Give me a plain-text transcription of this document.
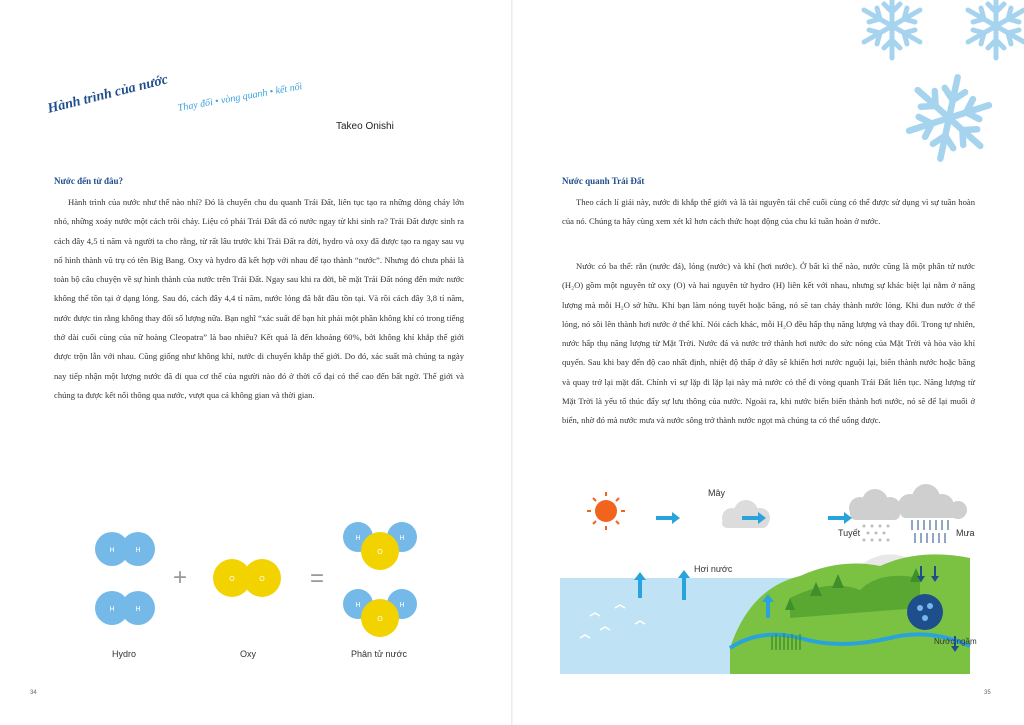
Hành trình của nước Thay đổi • vòng quanh • kết nối
Takeo Onishi
Nước đến từ đâu?

Hành trình của nước như thế nào nhỉ? Đó là chuyến chu du quanh Trái Đất, liên tục tạo ra những dòng chảy lớn nhỏ, những xoáy nước một cách trôi chảy. Liệu có phải Trái Đất đã có nước ngay từ khi sinh ra? Trái Đất được sinh ra cách đây 4,5 tỉ năm và người ta cho rằng, từ rất lâu trước khi Trái Đất ra đời, hydro và oxy đã được tạo ra ngay sau vụ nổ hình thành vũ trụ có tên Big Bang. Oxy và hydro đã kết hợp với nhau để tạo thành “nước”. Nhưng đó chưa phải là toàn bộ câu chuyện về sự hình thành của nước trên Trái Đất. Ngay sau khi ra đời, bề mặt Trái Đất nóng đến mức nước không thể tồn tại ở dạng lỏng. Sau đó, cách đây 4,4 tỉ năm, nước lỏng đã bắt đầu tồn tại. Và rồi cách đây 3,8 tỉ năm, nước được tin rằng không thay đổi số lượng nữa. Bạn nghĩ “xác suất để bạn hít phải một phần không khí có trong tiếng thở dài cuối cùng của nữ hoàng Cleopatra” là bao nhiêu? Kết quả là đến khoảng 60%, bởi không khí khắp thế giới được trộn lẫn với nhau. Cũng giống như không khí, nước di chuyển khắp thế giới. Do đó, xác suất mà chúng ta ngày nay tiếp nhận một lượng nước đã đi qua cơ thể của người nào đó ở thời cổ đại có thể cao đến bất ngờ. Thế giới và chúng ta được kết nối thông qua nước, vượt qua cả không gian và thời gian.

H	H
H	H
+	O	O =
H	H
O
H	H
O
Hydro	Oxy	Phân tử nước
34
Nước quanh Trái Đất

Theo cách lí giải này, nước đi khắp thế giới và là tài nguyên tái chế cuối cùng có thể được sử dụng vì sự tuần hoàn của nó. Chúng ta hãy cùng xem xét kĩ hơn cách thức hoạt động của chu kì tuần hoàn ở nước.

Nước có ba thể: rắn (nước đá), lỏng (nước) và khí (hơi nước). Ở bất kì thể nào, nước cũng là một phân tử nước (H₂O) gồm một nguyên tử oxy (O) và hai nguyên tử hydro (H) liên kết với nhau, nhưng sự khác biệt lại nằm ở năng lượng mà mỗi H₂O sở hữu. Khi bạn làm nóng tuyết hoặc băng, nó sẽ tan chảy thành nước lỏng. Khi đun nước ở thể lỏng, nó sôi lên thành hơi nước ở thể khí. Nói cách khác, mỗi H₂O đều hấp thụ năng lượng và thay đổi. Trong tự nhiên, nước hấp thụ năng lượng từ Mặt Trời. Nước đá và nước trở thành hơi nước do sức nóng của Mặt Trời và hòa vào khí quyển. Sau khi bay đến độ cao nhất định, nhiệt độ thấp ở đây sẽ khiến hơi nước nguội lại, biến thành nước hoặc băng và quay trở lại mặt đất. Chính vì sự lặp đi lặp lại này mà nước có thể đi vòng quanh Trái Đất liên tục. Năng lượng từ Mặt Trời là yếu tố thúc đẩy sự lưu thông của nước. Ngoài ra, khi nước biển biến thành hơi nước, nó sẽ để lại muối ở biển, nhờ đó mà nước mưa và nước sông trở thành nước ngọt mà chúng ta có thể uống được.

Mây
Hơi nước
Tuyết	Mưa
Nước ngầm
35
